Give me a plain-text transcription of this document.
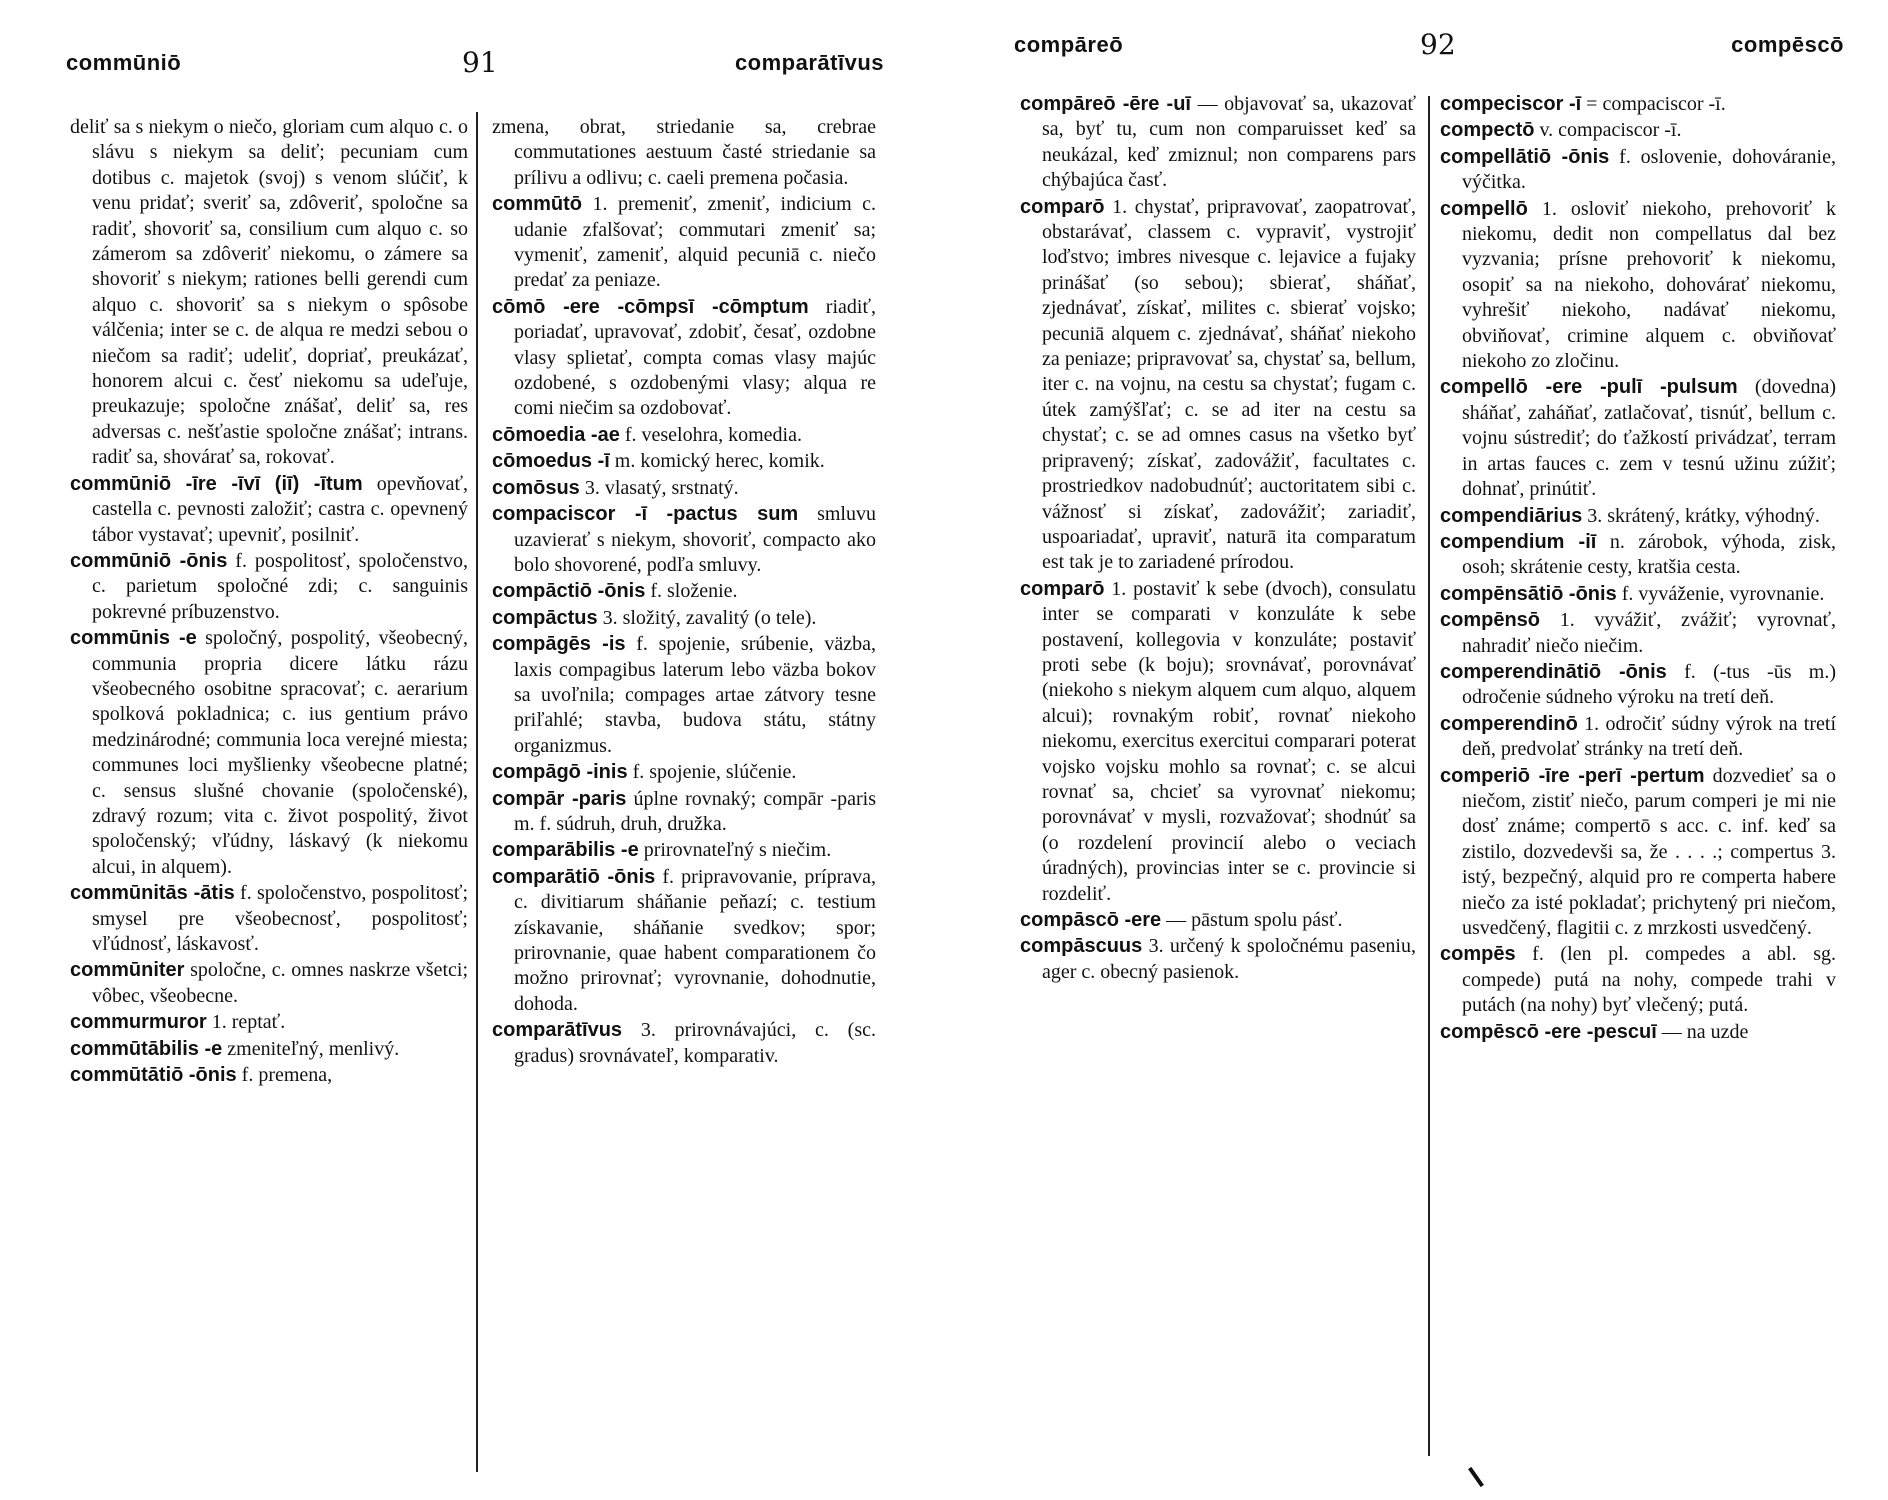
commūniō	91	comparātīvus

deliť sa s niekym o niečo, gloriam cum alquo c. o slávu s niekym sa deliť; pecuniam cum dotibus c. majetok (svoj) s venom slúčiť, k venu pridať; sveriť sa, zdôveriť, spoločne sa radiť, shovoriť sa, consilium cum alquo c. so zámerom sa zdôveriť niekomu, o zámere sa shovoriť s niekym; rationes belli gerendi cum alquo c. shovoriť sa s niekym o spôsobe válčenia; inter se c. de alqua re medzi sebou o niečom sa radiť; udeliť, dopriať, preukázať, honorem alcui c. česť niekomu sa udeľuje, preukazuje; spoločne znášať, deliť sa, res adversas c. nešťastie spoločne znášať; intrans. radiť sa, shovárať sa, rokovať.

commūniō -īre -īvī (iī) -ītum opevňovať, castella c. pevnosti založiť; castra c. opevnený tábor vystavať; upevniť, posilniť.

commūniō -ōnis f. pospolitosť, spoločenstvo, c. parietum spoločné zdi; c. sanguinis pokrevné príbuzenstvo.

commūnis -e spoločný, pospolitý, všeobecný, communia propria dicere látku rázu všeobecného osobitne spracovať; c. aerarium spolková pokladnica; c. ius gentium právo medzinárodné; communia loca verejné miesta; communes loci myšlienky všeobecne platné; c. sensus slušné chovanie (spoločenské), zdravý rozum; vita c. život pospolitý, život spoločenský; vľúdny, láskavý (k niekomu alcui, in alquem).

commūnitās -ātis f. spoločenstvo, pospolitosť; smysel pre všeobecnosť, pospolitosť; vľúdnosť, láskavosť.

commūniter spoločne, c. omnes naskrze všetci; vôbec, všeobecne.

commurmuror 1. reptať.

commūtābilis -e zmeniteľný, menlivý.

commūtātiō -ōnis f. premena,

zmena, obrat, striedanie sa, crebrae commutationes aestuum časté striedanie sa prílivu a odlivu; c. caeli premena počasia.

commūtō 1. premeniť, zmeniť, indicium c. udanie zfalšovať; commutari zmeniť sa; vymeniť, zameniť, alquid pecuniā c. niečo predať za peniaze.

cōmō -ere -cōmpsī -cōmptum riadiť, poriadať, upravovať, zdobiť, česať, ozdobne vlasy splietať, compta comas vlasy majúc ozdobené, s ozdobenými vlasy; alqua re comi niečim sa ozdobovať.

cōmoedia -ae f. veselohra, komedia.

cōmoedus -ī m. komický herec, komik.

comōsus 3. vlasatý, srstnatý.

compaciscor -ī -pactus sum smluvu uzavierať s niekym, shovoriť, compacto ako bolo shovorené, podľa smluvy.

compāctiō -ōnis f. složenie.

compāctus 3. složitý, zavalitý (o tele).

compāgēs -is f. spojenie, srúbenie, väzba, laxis compagibus laterum lebo väzba bokov sa uvoľnila; compages artae zátvory tesne priľahlé; stavba, budova státu, státny organizmus.

compāgō -inis f. spojenie, slúčenie.

compār -paris úplne rovnaký; compār -paris m. f. súdruh, druh, družka.

comparābilis -e prirovnateľný s niečim.

comparātiō -ōnis f. pripravovanie, príprava, c. divitiarum sháňanie peňazí; c. testium získavanie, sháňanie svedkov; spor; prirovnanie, quae habent comparationem čo možno prirovnať; vyrovnanie, dohodnutie, dohoda.

comparātīvus 3. prirovnávajúci, c. (sc. gradus) srovnávateľ, komparativ.

compāreō	92	compēscō

compāreō -ēre -uī — objavovať sa, ukazovať sa, byť tu, cum non comparuisset keď sa neukázal, keď zmiznul; non comparens pars chýbajúca časť.

comparō 1. chystať, pripravovať, zaopatrovať, obstarávať, classem c. vypraviť, vystrojiť loďstvo; imbres nivesque c. lejavice a fujaky prinášať (so sebou); sbierať, sháňať, zjednávať, získať, milites c. sbierať vojsko; pecuniā alquem c. zjednávať, sháňať niekoho za peniaze; pripravovať sa, chystať sa, bellum, iter c. na vojnu, na cestu sa chystať; fugam c. útek zamýšľať; c. se ad iter na cestu sa chystať; c. se ad omnes casus na všetko byť pripravený; získať, zadovážiť, facultates c. prostriedkov nadobudnúť; auctoritatem sibi c. vážnosť si získať, zadovážiť; zariadiť, uspoariadať, upraviť, naturā ita comparatum est tak je to zariadené prírodou.

comparō 1. postaviť k sebe (dvoch), consulatu inter se comparati v konzuláte k sebe postavení, kollegovia v konzuláte; postaviť proti sebe (k boju); srovnávať, porovnávať (niekoho s niekym alquem cum alquo, alquem alcui); rovnakým robiť, rovnať niekoho niekomu, exercitus exercitui comparari poterat vojsko vojsku mohlo sa rovnať; c. se alcui rovnať sa, chcieť sa vyrovnať niekomu; porovnávať v mysli, rozvažovať; shodnúť sa (o rozdelení provincií alebo o veciach úradných), provincias inter se c. provincie si rozdeliť.

compāscō -ere — pāstum spolu pásť.

compāscuus 3. určený k spoločnému paseniu, ager c. obecný pasienok.

compeciscor -ī = compaciscor -ī.

compectō v. compaciscor -ī.

compellātiō -ōnis f. oslovenie, dohováranie, výčitka.

compellō 1. osloviť niekoho, prehovoriť k niekomu, dedit non compellatus dal bez vyzvania; prísne prehovoriť k niekomu, osopiť sa na niekoho, dohovárať niekomu, vyhrešiť niekoho, nadávať niekomu, obviňovať, crimine alquem c. obviňovať niekoho zo zločinu.

compellō -ere -pulī -pulsum (dovedna) sháňať, zaháňať, zatlačovať, tisnúť, bellum c. vojnu sústrediť; do ťažkostí privádzať, terram in artas fauces c. zem v tesnú užinu zúžiť; dohnať, prinútiť.

compendiārius 3. skrátený, krátky, výhodný.

compendium -iī n. zárobok, výhoda, zisk, osoh; skrátenie cesty, kratšia cesta.

compēnsātiō -ōnis f. vyváženie, vyrovnanie.

compēnsō 1. vyvážiť, zvážiť; vyrovnať, nahradiť niečo niečim.

comperendinātiō -ōnis f. (-tus -ūs m.) odročenie súdneho výroku na tretí deň.

comperendinō 1. odročiť súdny výrok na tretí deň, predvolať stránky na tretí deň.

comperiō -īre -perī -pertum dozvedieť sa o niečom, zistiť niečo, parum comperi je mi nie dosť známe; compertō s acc. c. inf. keď sa zistilo, dozvedevši sa, že . . . .; compertus 3. istý, bezpečný, alquid pro re comperta habere niečo za isté pokladať; prichytený pri niečom, usvedčený, flagitii c. z mrzkosti usvedčený.

compēs f. (len pl. compedes a abl. sg. compede) putá na nohy, compede trahi v putách (na nohy) byť vlečený; putá.

compēscō -ere -pescuī — na uzde
